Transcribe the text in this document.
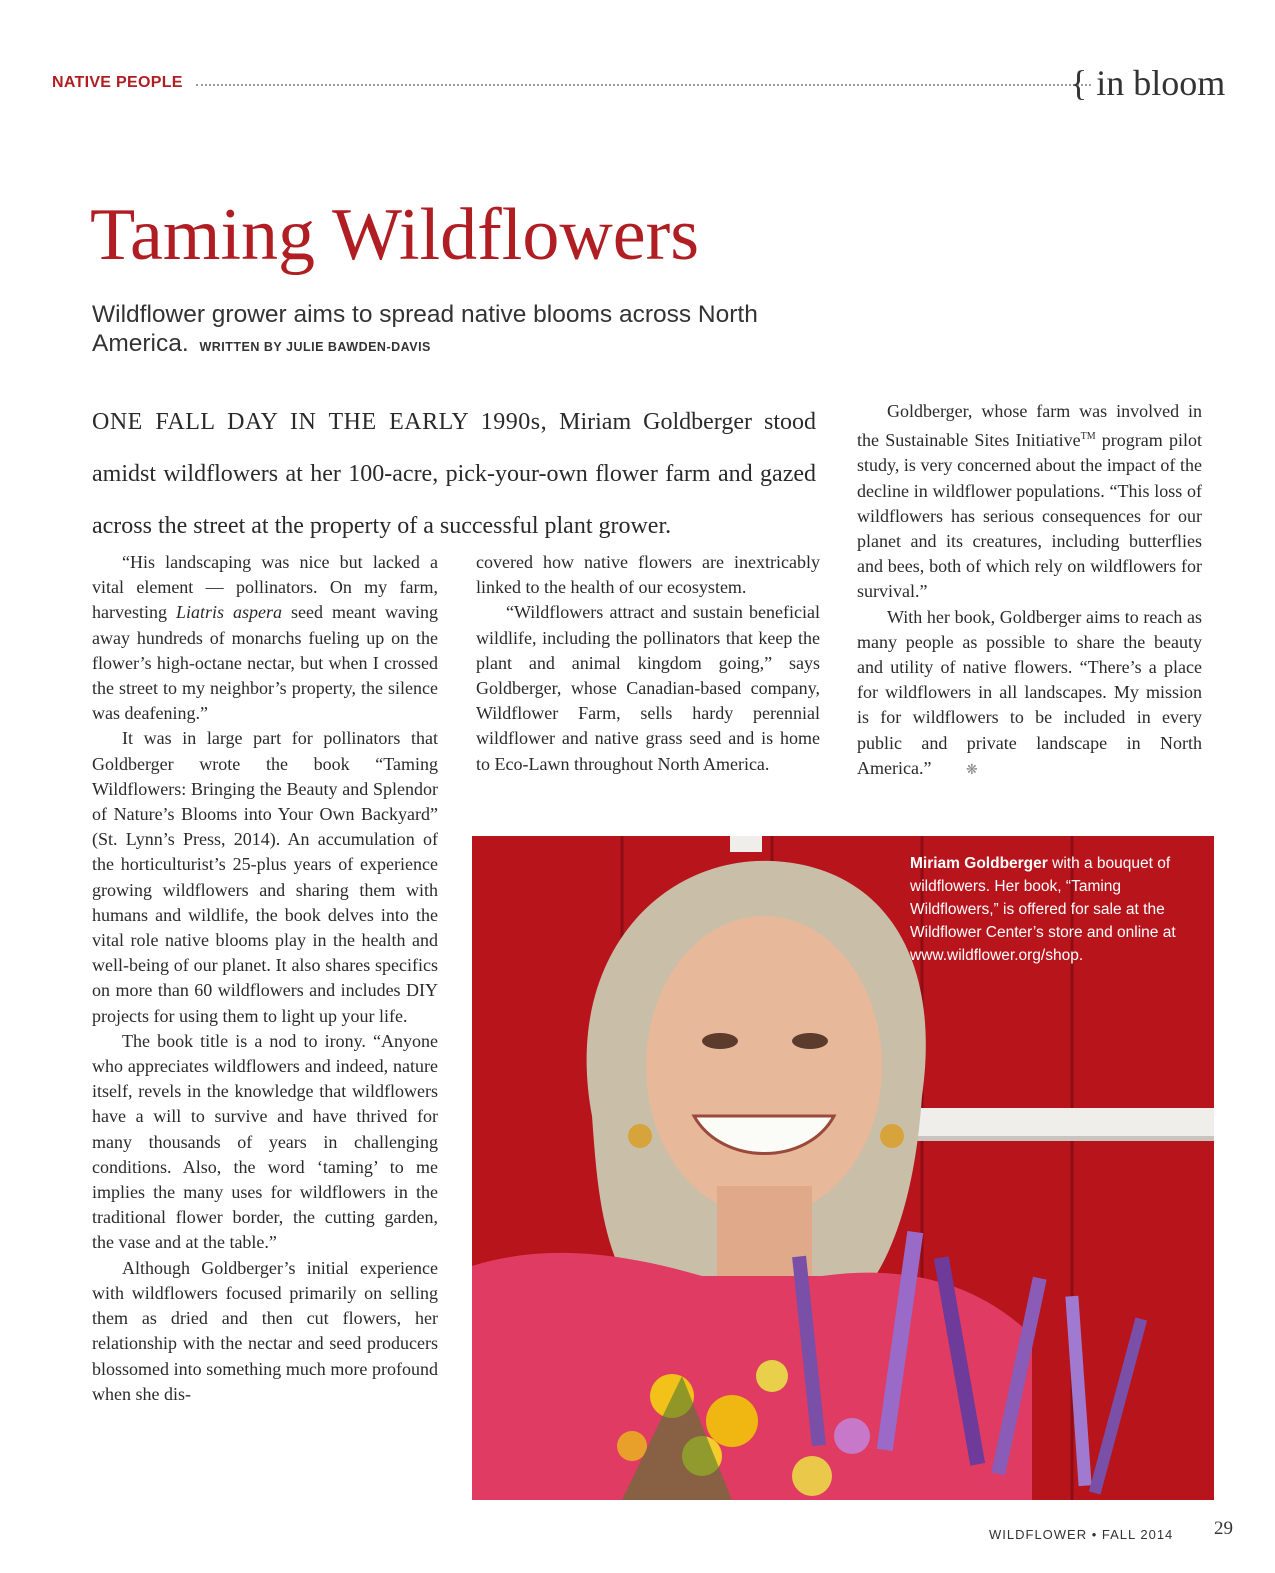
NATIVE PEOPLE	{ in bloom
Taming Wildflowers
Wildflower grower aims to spread native blooms across North America. WRITTEN BY JULIE BAWDEN-DAVIS
ONE FALL DAY IN THE EARLY 1990s, Miriam Goldberger stood amidst wildflowers at her 100-acre, pick-your-own flower farm and gazed across the street at the property of a successful plant grower.

“His landscaping was nice but lacked a vital element — pollinators. On my farm, harvesting Liatris aspera seed meant waving away hundreds of monarchs fueling up on the flower’s high-octane nectar, but when I crossed the street to my neighbor’s property, the silence was deafening.”

It was in large part for pollinators that Goldberger wrote the book “Taming Wildflowers: Bringing the Beauty and Splendor of Nature’s Blooms into Your Own Backyard” (St. Lynn’s Press, 2014). An accumulation of the horticulturist’s 25-plus years of experience growing wildflowers and sharing them with humans and wildlife, the book delves into the vital role native blooms play in the health and well-being of our planet. It also shares specifics on more than 60 wildflowers and includes DIY projects for using them to light up your life.

The book title is a nod to irony. “Anyone who appreciates wildflowers and indeed, nature itself, revels in the knowledge that wildflowers have a will to survive and have thrived for many thousands of years in challenging conditions. Also, the word ‘taming’ to me implies the many uses for wildflowers in the traditional flower border, the cutting garden, the vase and at the table.”

Although Goldberger’s initial experience with wildflowers focused primarily on selling them as dried and then cut flowers, her relationship with the nectar and seed producers blossomed into something much more profound when she dis-

covered how native flowers are inextricably linked to the health of our ecosystem.

“Wildflowers attract and sustain beneficial wildlife, including the pollinators that keep the plant and animal kingdom going,” says Goldberger, whose Canadian-based company, Wildflower Farm, sells hardy perennial wildflower and native grass seed and is home to Eco-Lawn throughout North America.

Goldberger, whose farm was involved in the Sustainable Sites Initiative™ program pilot study, is very concerned about the impact of the decline in wildflower populations. “This loss of wildflowers has serious consequences for our planet and its creatures, including butterflies and bees, both of which rely on wildflowers for survival.”

With her book, Goldberger aims to reach as many people as possible to share the beauty and utility of native flowers. “There’s a place for wildflowers in all landscapes. My mission is for wildflowers to be included in every public and private landscape in North America.” ❋

Miriam Goldberger with a bouquet of wildflowers. Her book, “Taming Wildflowers,” is offered for sale at the Wildflower Center’s store and online at www.wildflower.org/shop.
WILDFLOWER • FALL 2014 29
